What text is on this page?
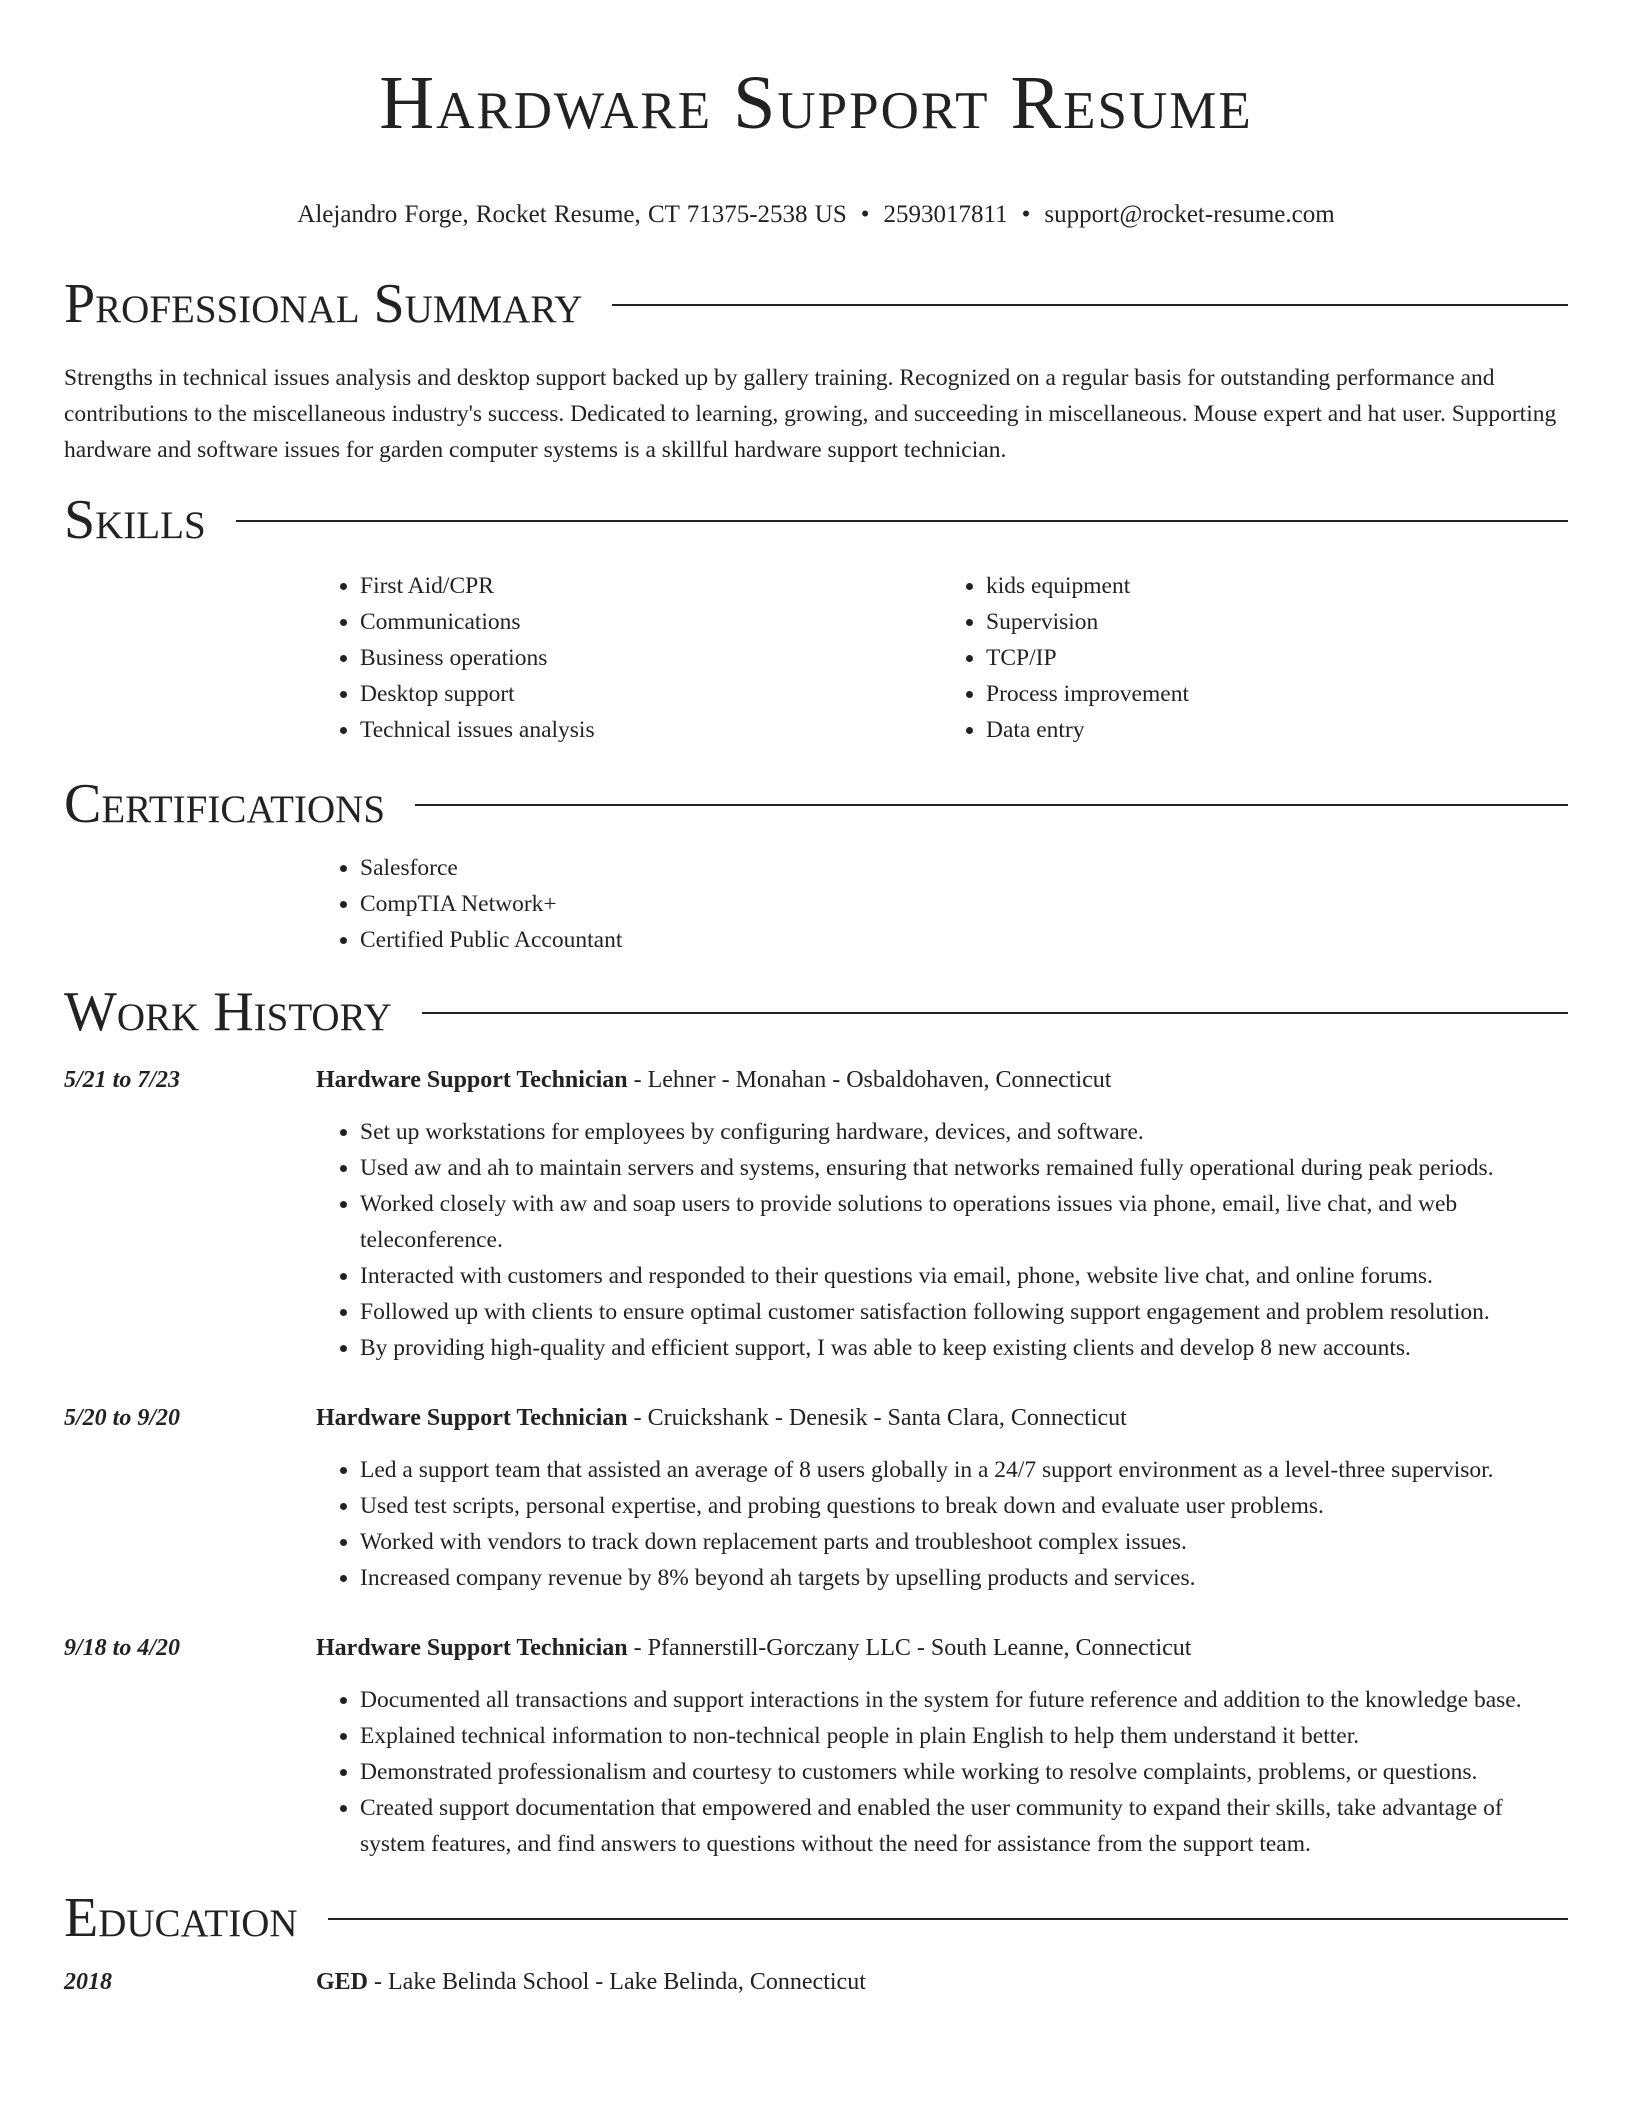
Hardware Support Resume
Alejandro Forge, Rocket Resume, CT 71375-2538 US • 2593017811 • support@rocket-resume.com
Professional Summary

Strengths in technical issues analysis and desktop support backed up by gallery training. Recognized on a regular basis for outstanding performance and contributions to the miscellaneous industry's success. Dedicated to learning, growing, and succeeding in miscellaneous. Mouse expert and hat user. Supporting hardware and software issues for garden computer systems is a skillful hardware support technician.

Skills
• First Aid/CPR
• Communications
• Business operations
• Desktop support
• Technical issues analysis
• kids equipment
• Supervision
• TCP/IP
• Process improvement
• Data entry
Certifications
• Salesforce
• CompTIA Network+
• Certified Public Accountant
Work History
5/21 to 7/23	Hardware Support Technician - Lehner - Monahan - Osbaldohaven, Connecticut
• Set up workstations for employees by configuring hardware, devices, and software.
• Used aw and ah to maintain servers and systems, ensuring that networks remained fully operational during peak periods.
• Worked closely with aw and soap users to provide solutions to operations issues via phone, email, live chat, and web teleconference.
• Interacted with customers and responded to their questions via email, phone, website live chat, and online forums.
• Followed up with clients to ensure optimal customer satisfaction following support engagement and problem resolution.
• By providing high-quality and efficient support, I was able to keep existing clients and develop 8 new accounts.
5/20 to 9/20	Hardware Support Technician - Cruickshank - Denesik - Santa Clara, Connecticut
• Led a support team that assisted an average of 8 users globally in a 24/7 support environment as a level-three supervisor.
• Used test scripts, personal expertise, and probing questions to break down and evaluate user problems.
• Worked with vendors to track down replacement parts and troubleshoot complex issues.
• Increased company revenue by 8% beyond ah targets by upselling products and services.
9/18 to 4/20	Hardware Support Technician - Pfannerstill-Gorczany LLC - South Leanne, Connecticut
• Documented all transactions and support interactions in the system for future reference and addition to the knowledge base.
• Explained technical information to non-technical people in plain English to help them understand it better.
• Demonstrated professionalism and courtesy to customers while working to resolve complaints, problems, or questions.
• Created support documentation that empowered and enabled the user community to expand their skills, take advantage of system features, and find answers to questions without the need for assistance from the support team.
Education
2018	GED - Lake Belinda School - Lake Belinda, Connecticut
